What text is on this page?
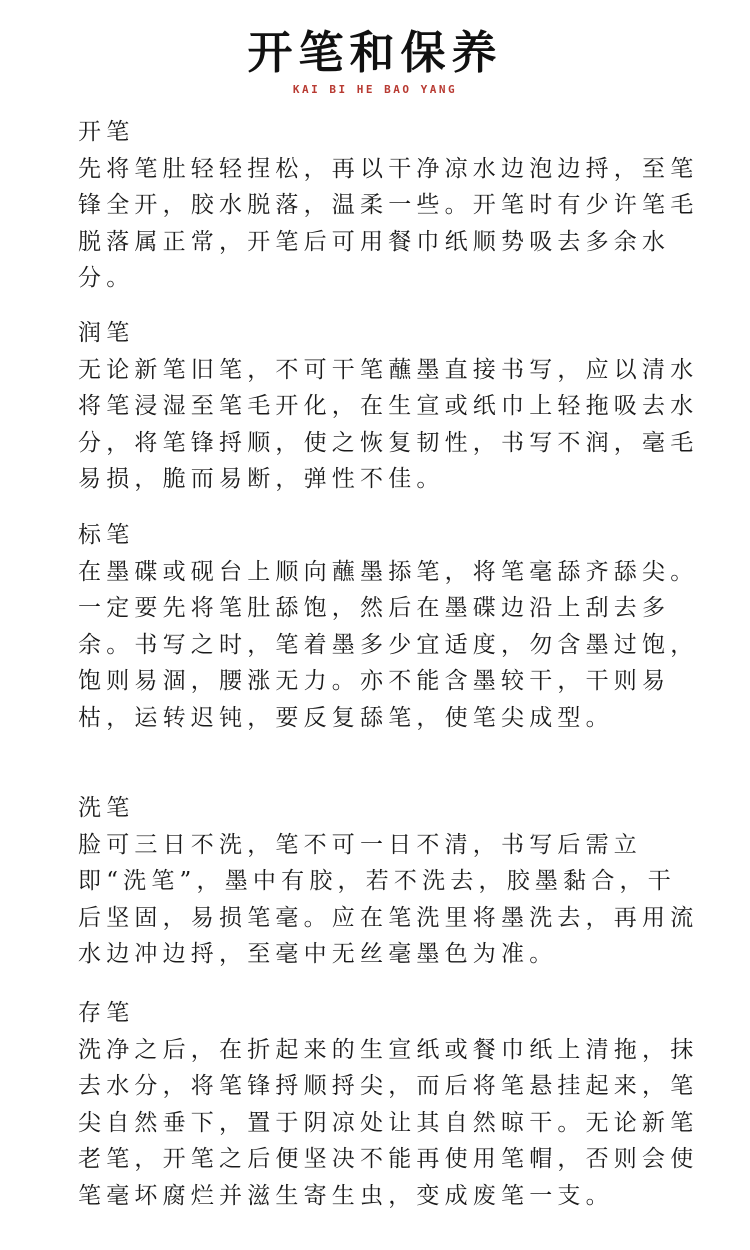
开笔和保养
KAI BI HE BAO YANG

开笔

先将笔肚轻轻捏松，再以干净凉水边泡边捋，至笔锋全开，胶水脱落，温柔一些。开笔时有少许笔毛脱落属正常，开笔后可用餐巾纸顺势吸去多余水分。

润笔

无论新笔旧笔，不可干笔蘸墨直接书写，应以清水将笔浸湿至笔毛开化，在生宣或纸巾上轻拖吸去水分，将笔锋捋顺，使之恢复韧性，书写不润，毫毛易损，脆而易断，弹性不佳。

标笔

在墨碟或砚台上顺向蘸墨掭笔，将笔毫舔齐舔尖。一定要先将笔肚舔饱，然后在墨碟边沿上刮去多余。书写之时，笔着墨多少宜适度，勿含墨过饱，饱则易涸，腰涨无力。亦不能含墨较干，干则易枯，运转迟钝，要反复舔笔，使笔尖成型。

洗笔

脸可三日不洗，笔不可一日不清，书写后需立即“洗笔”，墨中有胶，若不洗去，胶墨黏合，干后坚固，易损笔毫。应在笔洗里将墨洗去，再用流水边冲边捋，至毫中无丝毫墨色为准。

存笔

洗净之后，在折起来的生宣纸或餐巾纸上清拖，抹去水分，将笔锋捋顺捋尖，而后将笔悬挂起来，笔尖自然垂下，置于阴凉处让其自然晾干。无论新笔老笔，开笔之后便坚决不能再使用笔帽，否则会使笔毫坏腐烂并滋生寄生虫，变成废笔一支。
